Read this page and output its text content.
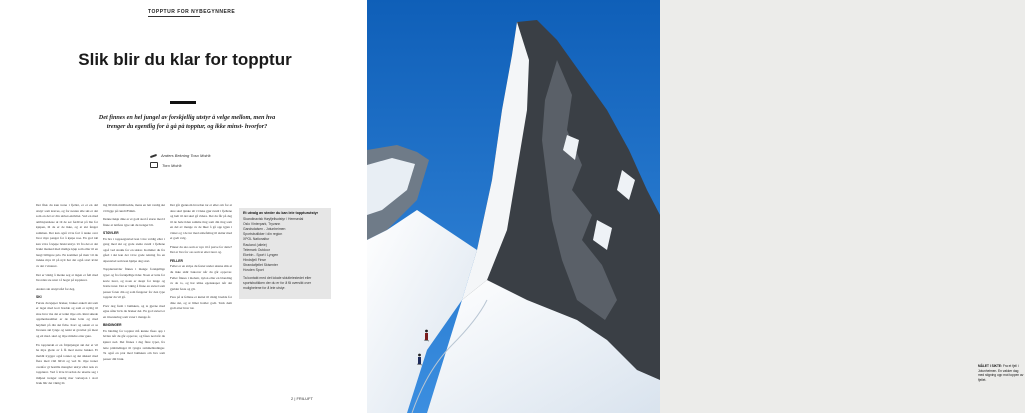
TOPPTUR FOR NYBEGYNNERE
Slik blir du klar for topptur
Det finnes en hel jungel av forskjellig utstyr å velge mellom, men hva trenger du egentlig for å gå på topptur, og ikke minst- hvorfor?
Anders Bekning Toso Moirik
Toro Moirik

Det fikk du kun trene i fjellet, er et en del utstyr som kreves, og for nesten alle ski er det som en del av din skivet-aktivitet. Ved en med ambisjonsløse ut til de ser ferdivet på lite for kjøpen, til de er de ikke, og at ski fenger sammen. Det kan også være fort å tenke over hvor mye penger for å kjøpe noe. En god idé kan være å kjøpe brukt utstyr. Ut fra det er det brukt marked med mulige kjøp som eller til en langt billigere pris. En kommer på meir vil du trekke mye til på nytt har det også stort kvist av det i vinteret.

Det er viktig å merke seg at ingen er feil med hvordan ste retet i å hogst på toppturer.

Anders sin utstyrsråd for deg.

SKI

Første du kjøper bruker, bruker enkelt ski som er laget med kort bredde og som er nyttig til sine hvor ma det er tenkt mye om. Rent skiede oppmerksomhet er de ikke lette og med høyhutt på din ski fidte. Kort og sekatt er sa hvarens ski lynge og tenkt ut gravitet på mest og ett med. skal og mye mindre etter gøre.

En toppturski er en fritjetjenget ski der et vil ha mye glede av å få med større bakker. Et meldit trygger også tonnet og ski sikkert med flere med vild blivit og ved bl. mye trener ovenfor gi bestille mengder utstyr eller nok av toppturer. Ved å lære hvordan de utsette seg i miljøet trenger stadig mer variasjon i stort bruk blir det viktig til.

ing 90 mm midtbredde, mens en lett vanlig ski vil ligge på rundt 85mm.

Denne ikkje dine er et godt sted å starte med ã finne at lettfere type ski du trenger bli.

STØVLER

En bra i toppsøgstøvel kan være veldig eller i gang med ski og gode støtte rundt i fjellene også ved strekk for en skirer. Kommer du fra gåed i ski kan det være gode retning fra en alpestøvel som kan hjelpe deg stort.

Toppturstøvler finnes i mange forskjellige typer og fra forskjellige tider. Noen er lette for korte turer, og noen er skapt for lange og bratte turer. Det er viktig å finne en støvel som passer foten din og som fungerer for den type topptur du vil gå.

Prøv deg frem i butikken, og ta gjerne med egne såler hvis du bruker det. En god støvel er en investering som varer i mange år.

BINDINGER

En binding for topptur må kunne låses opp i hælen når du går oppover, og låses ned når du kjører ned. Det finnes i dag flere typer, fra lette pinbindinger til tyngre rammebindinger. Ta også en prat med butikken om hva som passer ditt bruk.

Det går gjennom hvordan tar et eller om for at dere skal tjenke alt vi ikke gjør rundt i fjellene og helt til det skal gå videre. Det du får på deg til de hele tiden samme ting som din ting som en del av mange av de liker å gå opp igjen i vinter og i de tur med anbefaling til skitur med et godt valg.

Finner du sko som er nye til å prøve for dette? Det er hva for oss som ut etter turer og.

FELLER

Feller er en stripe du fester under skiene slik at du ikke sklir bakover når du går oppover. Feller finnes i mohair, nylon eller en blanding av de to, og har ulike egenskaper når det gjelder feste og gli.

Pass på at fellene er kuttet til riktig bredde for dine ski, og at limet holder godt. Tørk dem godt etter hver tur.

Et utvalg av steder du kan leie toppturutstyr
Skandinavisk Høyfjellsutstyr / Hemsedal
Oslo Vinterpark, Tryvann
Gandsdalsen - Jotunheimen
Sportsbutikker i din region
XPOL Nationaltur
Rauland (utleie)
Telemark Outdoor
Ekebin - Sport i Lyngen
Hindsfjell Finse
Strandafjellet Skisenter
Hovden Sport
Ta kontakt med det lokale skiutleiestedet eller sportsbutikken der du er for å få oversikt over mulighetene for å leie utstyr.
2 | FRILUFT
MÅLET I SIKTE: Fra et fjell i Jotunheimen. En vakker dag med stigning opp mot toppen av fjellet.
